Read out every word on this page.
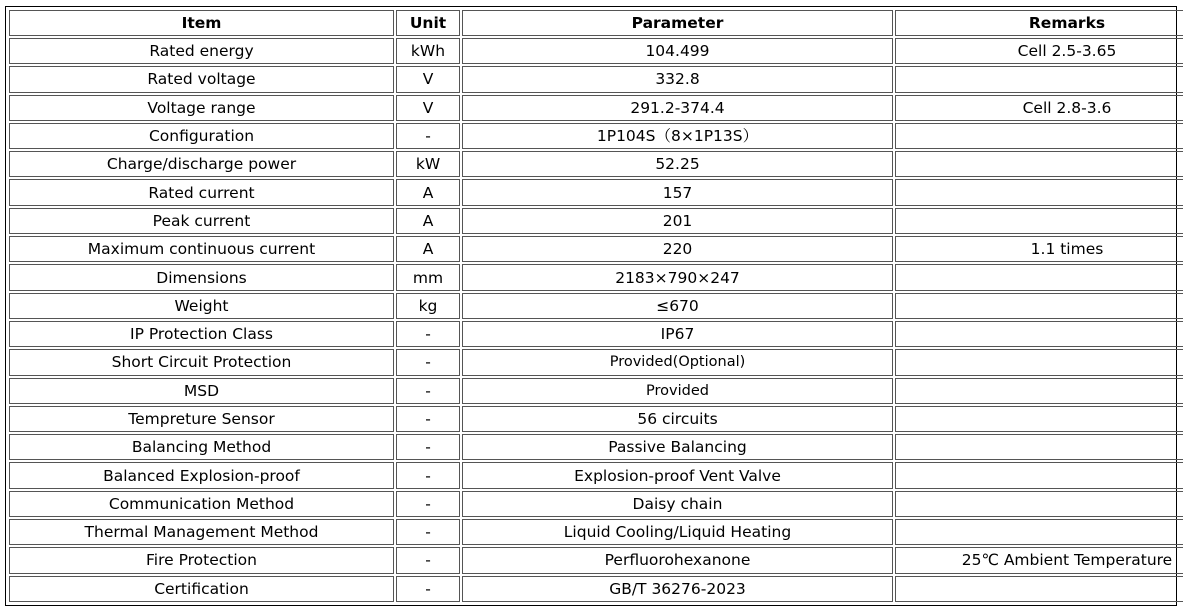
Item	Unit	Parameter	Remarks
Rated energy	kWh	104.499	Cell 2.5-3.65
Rated voltage	V	332.8	
Voltage range	V	291.2-374.4	Cell 2.8-3.6
Configuration	-	1P104S（8×1P13S）	
Charge/discharge power	kW	52.25	
Rated current	A	157	
Peak current	A	201	
Maximum continuous current	A	220	1.1 times
Dimensions	mm	2183×790×247	
Weight	kg	≤670	
IP Protection Class	-	IP67	
Short Circuit Protection	-	Provided(Optional)	
MSD	-	Provided	
Tempreture Sensor	-	56 circuits	
Balancing Method	-	Passive Balancing	
Balanced Explosion-proof	-	Explosion-proof Vent Valve	
Communication Method	-	Daisy chain	
Thermal Management Method	-	Liquid Cooling/Liquid Heating	
Fire Protection	-	Perfluorohexanone	25℃ Ambient Temperature
Certification	-	GB/T 36276-2023	
